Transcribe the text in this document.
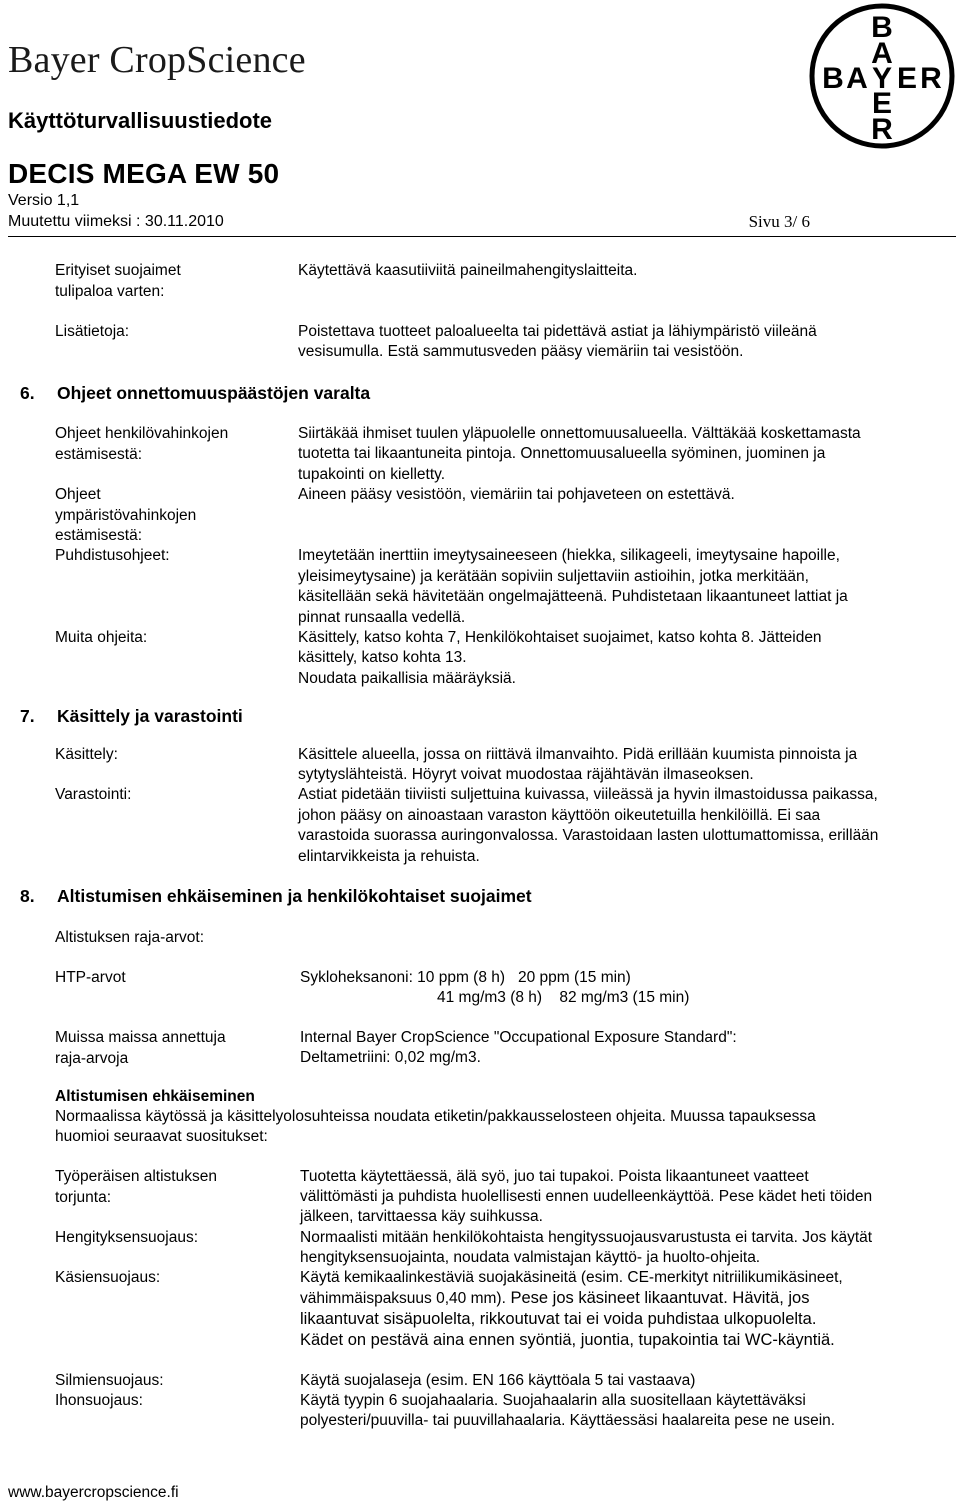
Bayer CropScience
Käyttöturvallisuustiedote
DECIS MEGA EW 50
Versio 1,1
Muutettu viimeksi : 30.11.2010	Sivu 3/ 6
B
A
B A Y E R
E
R
Erityiset suojaimet tulipaloa varten:
Käytettävä kaasutiiviitä paineilmahengityslaitteita.
Lisätietoja:	Poistettava tuotteet paloalueelta tai pidettävä astiat ja lähiympäristö viileänä
vesisumulla. Estä sammutusveden pääsy viemäriin tai vesistöön.
6. Ohjeet onnettomuuspäästöjen varalta
Ohjeet henkilövahinkojen estämisestä:
Siirtäkää ihmiset tuulen yläpuolelle onnettomuusalueella. Välttäkää koskettamasta
tuotetta tai likaantuneita pintoja. Onnettomuusalueella syöminen, juominen ja
tupakointi on kielletty.
Ohjeet ympäristövahinkojen estämisestä:
Aineen pääsy vesistöön, viemäriin tai pohjaveteen on estettävä.
Puhdistusohjeet:	Imeytetään inerttiin imeytysaineeseen (hiekka, silikageeli, imeytysaine hapoille,
yleisimeytysaine) ja kerätään sopiviin suljettaviin astioihin, jotka merkitään,
käsitellään sekä hävitetään ongelmajätteenä. Puhdistetaan likaantuneet lattiat ja
pinnat runsaalla vedellä.
Muita ohjeita:	Käsittely, katso kohta 7, Henkilökohtaiset suojaimet, katso kohta 8. Jätteiden
käsittely, katso kohta 13.
Noudata paikallisia määräyksiä.
7. Käsittely ja varastointi
Käsittely:	Käsittele alueella, jossa on riittävä ilmanvaihto. Pidä erillään kuumista pinnoista ja
sytytyslähteistä. Höyryt voivat muodostaa räjähtävän ilmaseoksen.
Varastointi:	Astiat pidetään tiiviisti suljettuina kuivassa, viileässä ja hyvin ilmastoidussa paikassa,
johon pääsy on ainoastaan varaston käyttöön oikeutetuilla henkilöillä. Ei saa
varastoida suorassa auringonvalossa. Varastoidaan lasten ulottumattomissa, erillään
elintarvikkeista ja rehuista.
8. Altistumisen ehkäiseminen ja henkilökohtaiset suojaimet
Altistuksen raja-arvot:
HTP-arvot	Sykloheksanoni: 10 ppm (8 h)   20 ppm (15 min)
41 mg/m3 (8 h)    82 mg/m3 (15 min)
Muissa maissa annettuja raja-arvoja
Internal Bayer CropScience "Occupational Exposure Standard":
Deltametriini: 0,02 mg/m3.
Altistumisen ehkäiseminen
Normaalissa käytössä ja käsittelyolosuhteissa noudata etiketin/pakkausselosteen ohjeita. Muussa tapauksessa
huomioi seuraavat suositukset:
Työperäisen altistuksen torjunta:
Tuotetta käytettäessä, älä syö, juo tai tupakoi. Poista likaantuneet vaatteet
välittömästi ja puhdista huolellisesti ennen uudelleenkäyttöä. Pese kädet heti töiden
jälkeen, tarvittaessa käy suihkussa.
Hengityksensuojaus:	Normaalisti mitään henkilökohtaista hengityssuojausvarustusta ei tarvita. Jos käytät
hengityksensuojainta, noudata valmistajan käyttö- ja huolto-ohjeita.
Käsiensuojaus:	Käytä kemikaalinkestäviä suojakäsineitä (esim. CE-merkityt nitriilikumikäsineet,
vähimmäispaksuus 0,40 mm). Pese jos käsineet likaantuvat. Hävitä, jos
likaantuvat sisäpuolelta, rikkoutuvat tai ei voida puhdistaa ulkopuolelta.
Kädet on pestävä aina ennen syöntiä, juontia, tupakointia tai WC-käyntiä.
Silmiensuojaus:	Käytä suojalaseja (esim. EN 166 käyttöala 5 tai vastaava)
Ihonsuojaus:	Käytä tyypin 6 suojahaalaria. Suojahaalarin alla suositellaan käytettäväksi
polyesteri/puuvilla- tai puuvillahaalaria. Käyttäessäsi haalareita pese ne usein.
www.bayercropscience.fi
